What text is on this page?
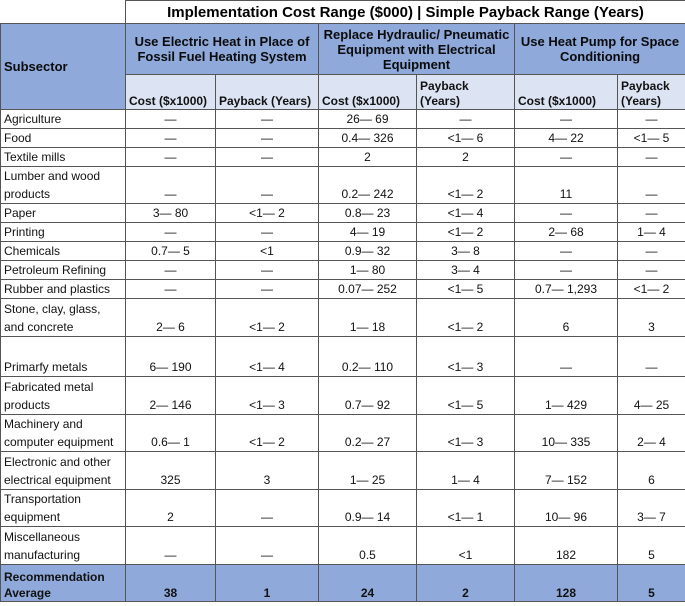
	Implementation Cost Range ($000) | Simple Payback Range (Years)					
Subsector	Use Electric Heat in Place of Fossil Fuel Heating System		Replace Hydraulic/ Pneumatic Equipment with Electrical Equipment		Use Heat Pump for Space Conditioning	
	Cost ($x1000)	Payback (Years)	Cost ($x1000)	Payback (Years)	Cost ($x1000)	Payback (Years)
Agriculture	—	—	26— 69	—	—	—
Food	—	—	0.4— 326	<1— 6	4— 22	<1— 5
Textile mills	—	—	2	2	—	—
Lumber and wood products	—	—	0.2— 242	<1— 2	11	—
Paper	3— 80	<1— 2	0.8— 23	<1— 4	—	—
Printing	—	—	4— 19	<1— 2	2— 68	1— 4
Chemicals	0.7— 5	<1	0.9— 32	3— 8	—	—
Petroleum Refining	—	—	1— 80	3— 4	—	—
Rubber and plastics	—	—	0.07— 252	<1— 5	0.7— 1,293	<1— 2
Stone, clay, glass, and concrete	2— 6	<1— 2	1— 18	<1— 2	6	3
Primarfy metals	6— 190	<1— 4	0.2— 110	<1— 3	—	—
Fabricated metal products	2— 146	<1— 3	0.7— 92	<1— 5	1— 429	4— 25
Machinery and computer equipment	0.6— 1	<1— 2	0.2— 27	<1— 3	10— 335	2— 4
Electronic and other electrical equipment	325	3	1— 25	1— 4	7— 152	6
Transportation equipment	2	—	0.9— 14	<1— 1	10— 96	3— 7
Miscellaneous manufacturing	—	—	0.5	<1	182	5
Recommendation Average	38	1	24	2	128	5
